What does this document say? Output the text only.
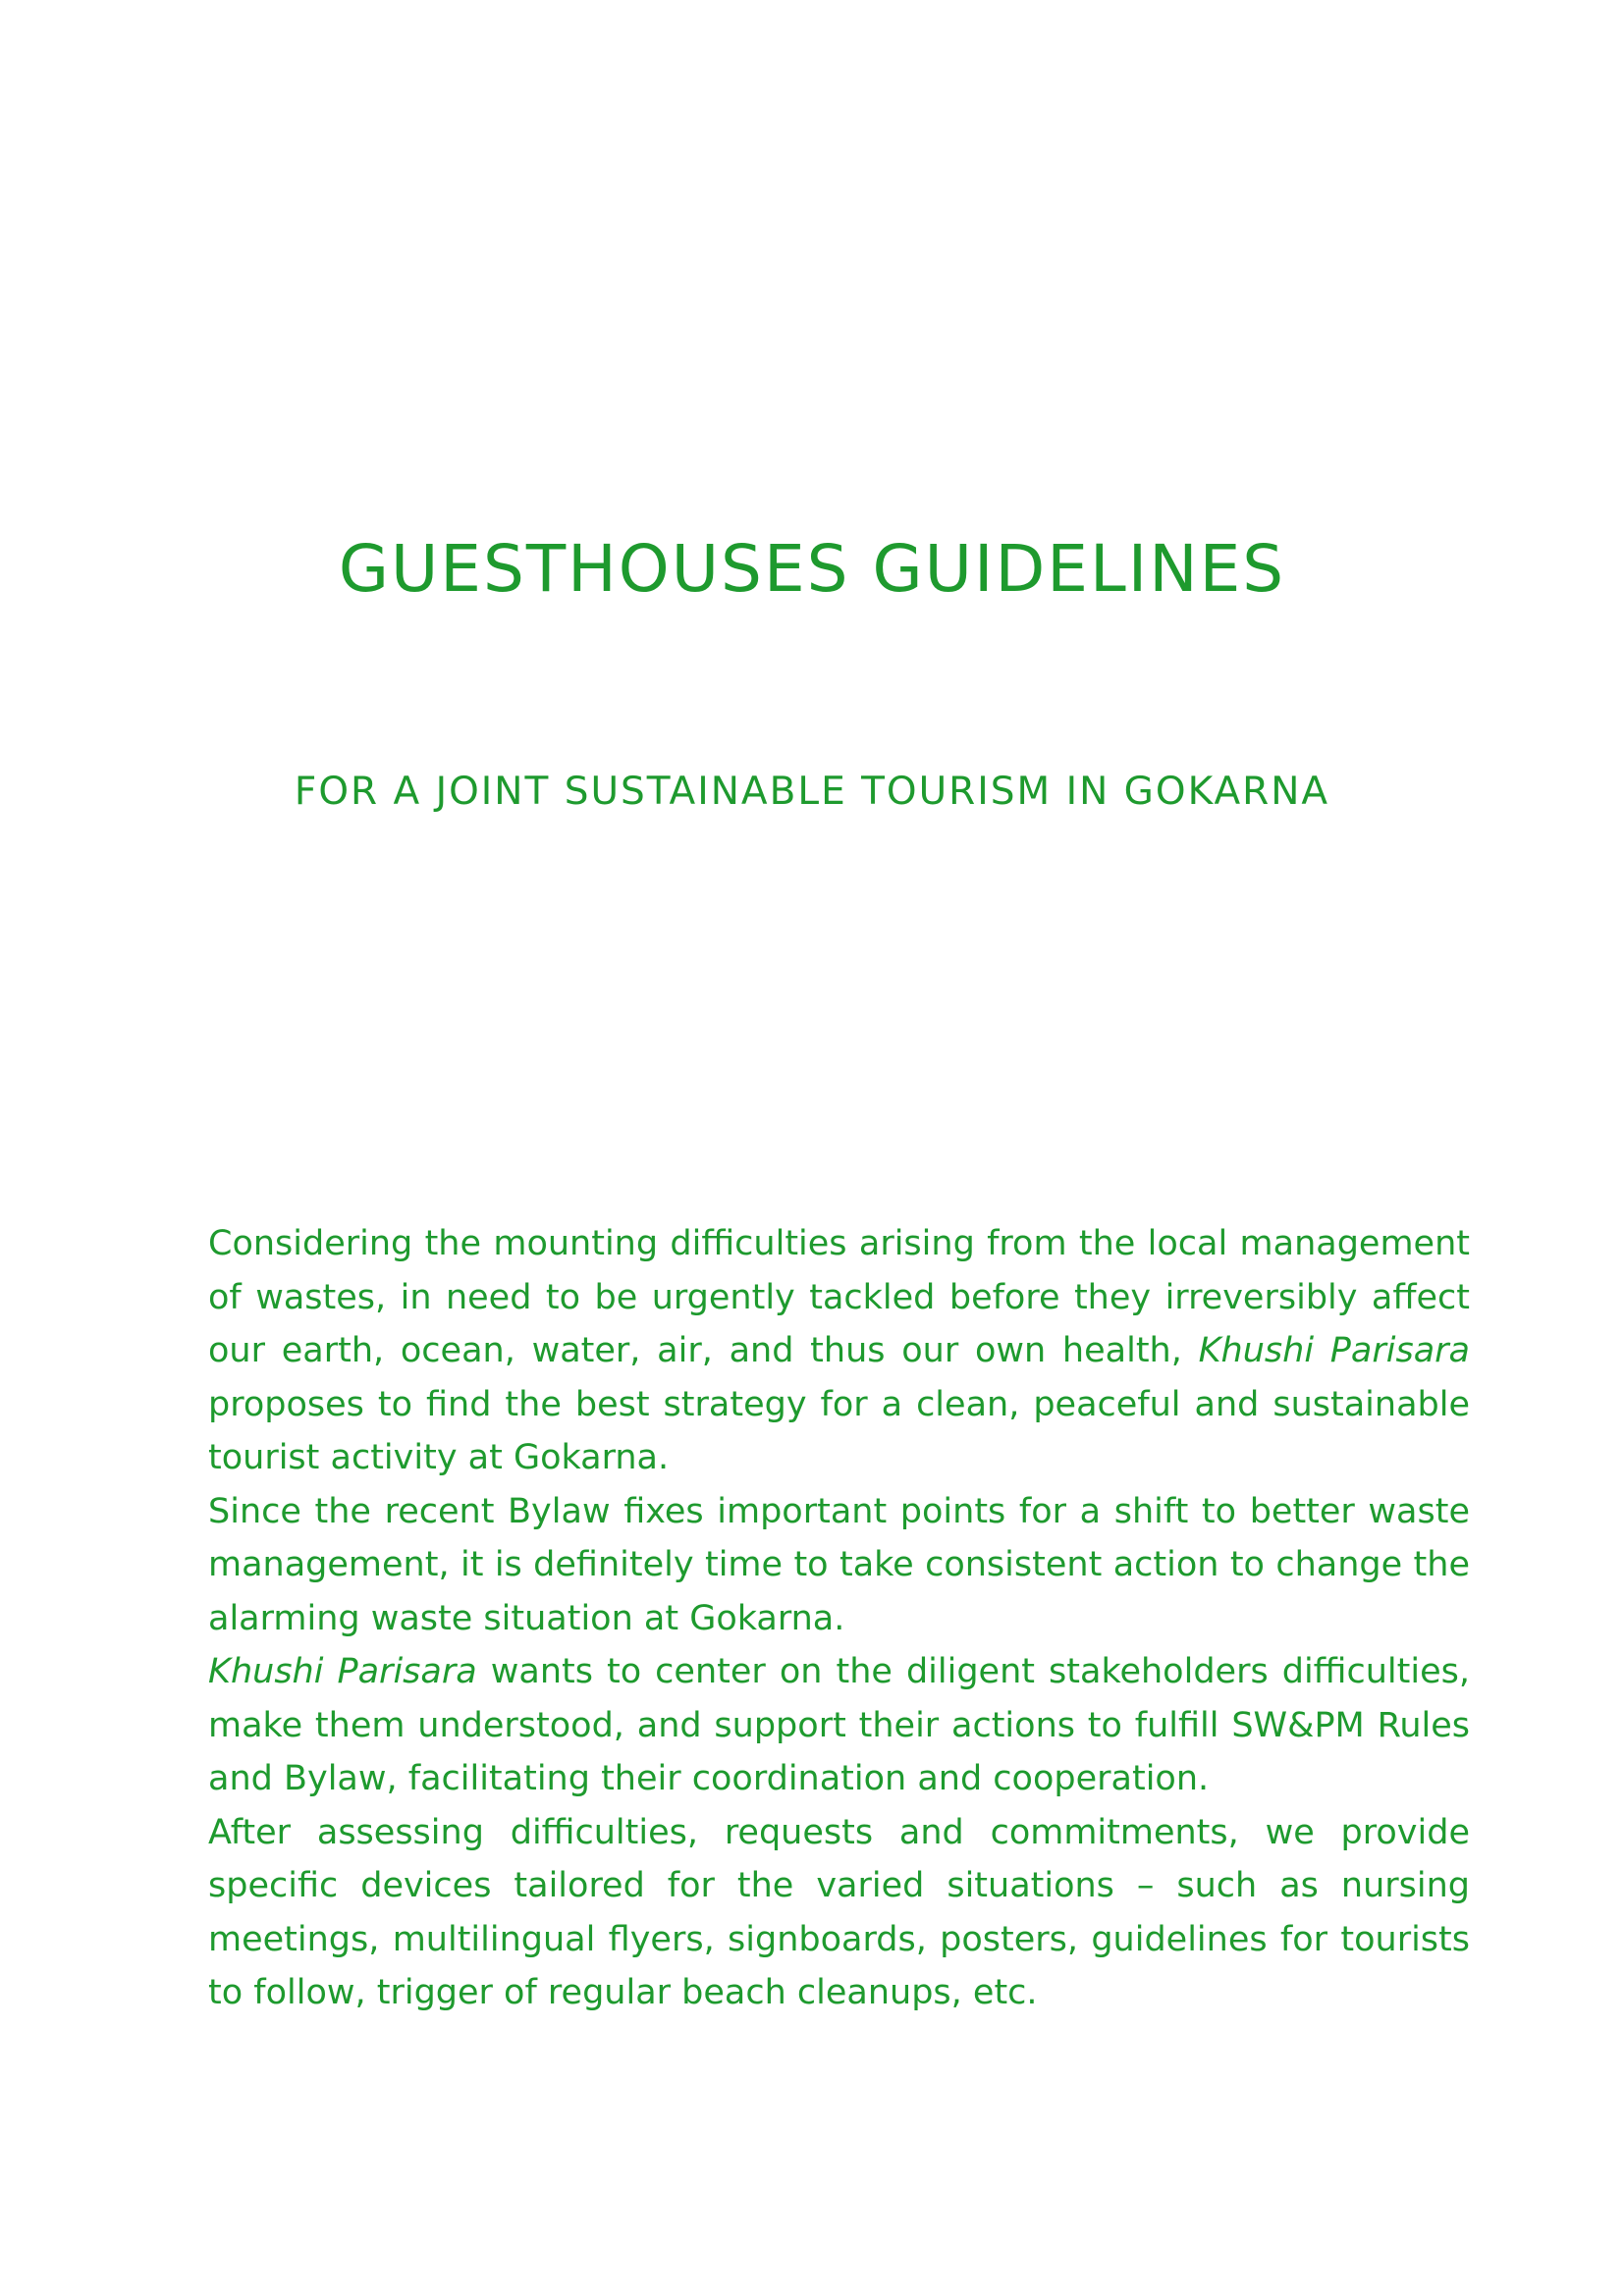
GUESTHOUSES GUIDELINES
FOR A JOINT SUSTAINABLE TOURISM IN GOKARNA

Considering the mounting difficulties arising from the local management of wastes, in need to be urgently tackled before they irreversibly affect our earth, ocean, water, air, and thus our own health, Khushi Parisara proposes to find the best strategy for a clean, peaceful and sustainable tourist activity at Gokarna.

Since the recent Bylaw fixes important points for a shift to better waste management, it is definitely time to take consistent action to change the alarming waste situation at Gokarna.

Khushi Parisara wants to center on the diligent stakeholders difficulties, make them understood, and support their actions to fulfill SW&PM Rules and Bylaw, facilitating their coordination and cooperation.

After assessing difficulties, requests and commitments, we provide specific devices tailored for the varied situations – such as nursing meetings, multilingual flyers, signboards, posters, guidelines for tourists to follow, trigger of regular beach cleanups, etc.
